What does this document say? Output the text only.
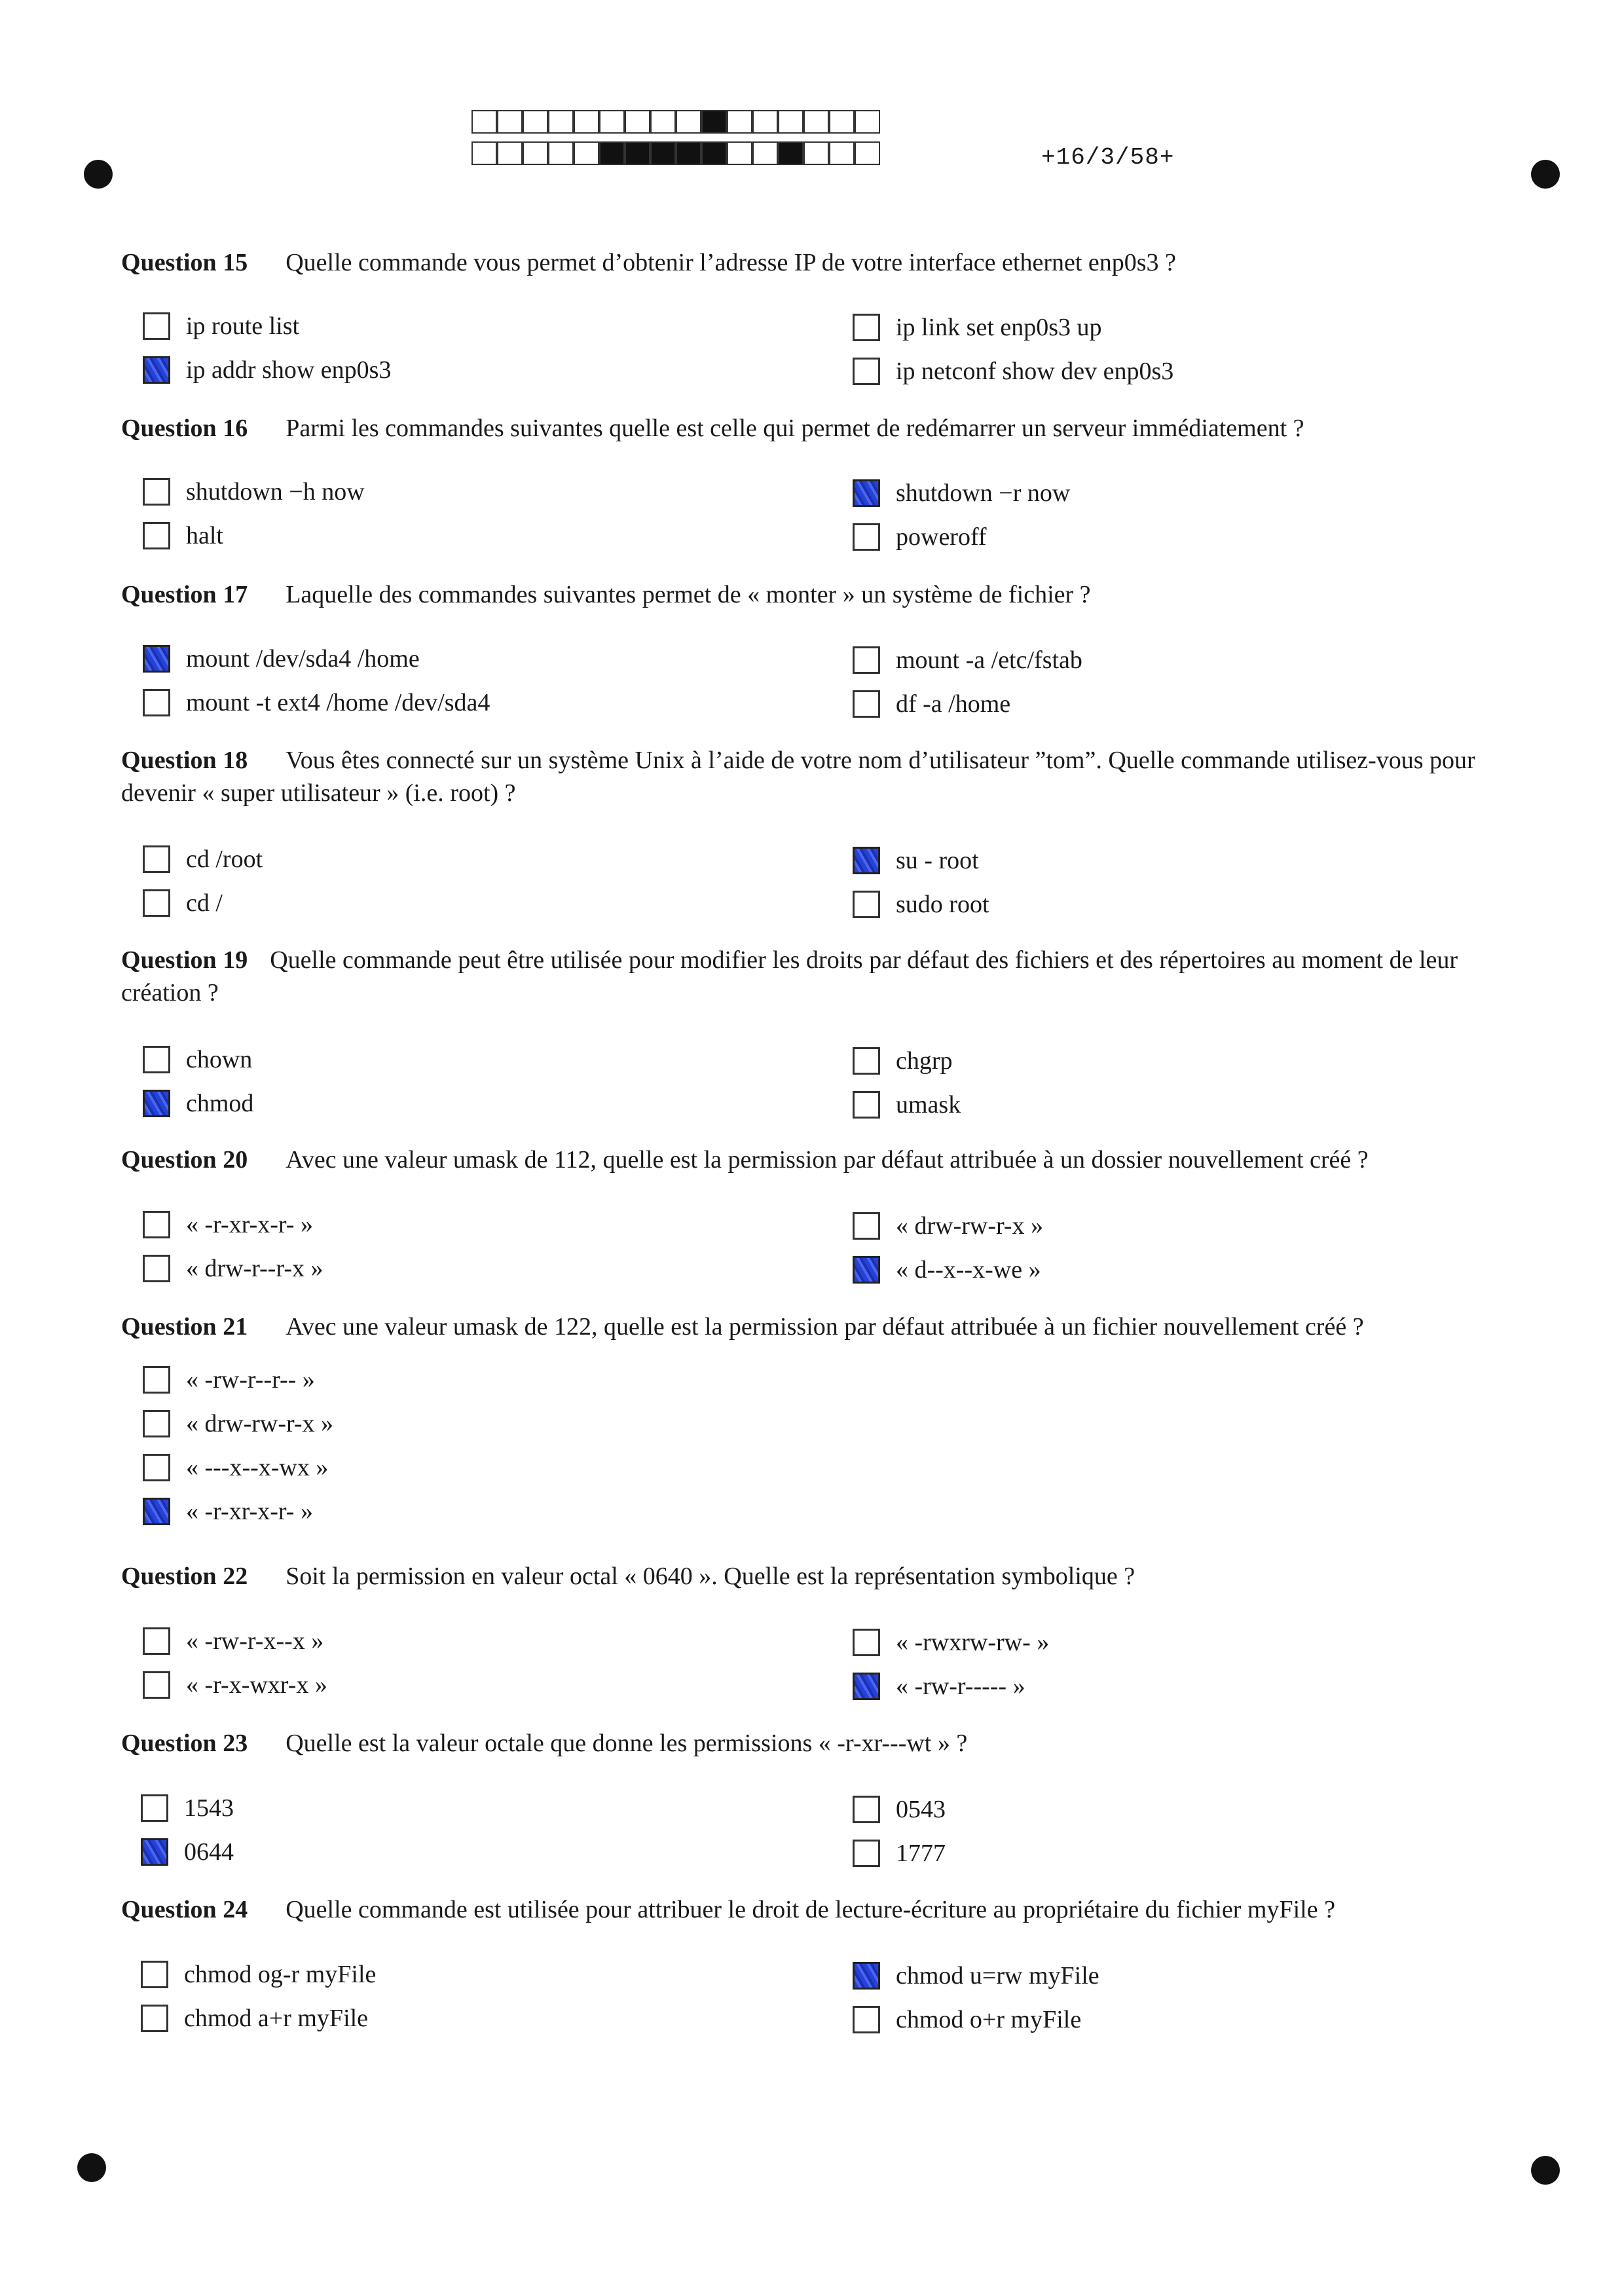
+16/3/58+
Question 15 Quelle commande vous permet d’obtenir l’adresse IP de votre interface ethernet enp0s3 ?
ip route list
ip addr show enp0s3
ip link set enp0s3 up
ip netconf show dev enp0s3
Question 16 Parmi les commandes suivantes quelle est celle qui permet de redémarrer un serveur immédiatement ?
shutdown −h now
halt
shutdown −r now
poweroff
Question 17 Laquelle des commandes suivantes permet de « monter » un système de fichier ?
mount /dev/sda4 /home
mount -t ext4 /home /dev/sda4
mount -a /etc/fstab
df -a /home
Question 18 Vous êtes connecté sur un système Unix à l’aide de votre nom d’utilisateur ”tom”. Quelle commande utilisez-vous pour devenir « super utilisateur » (i.e. root) ?
cd /root
cd /
su - root
sudo root
Question 19 Quelle commande peut être utilisée pour modifier les droits par défaut des fichiers et des répertoires au moment de leur création ?
chown
chmod
chgrp
umask
Question 20 Avec une valeur umask de 112, quelle est la permission par défaut attribuée à un dossier nouvellement créé ?
« -r-xr-x-r- »
« drw-r--r-x »
« drw-rw-r-x »
« d--x--x-we »
Question 21 Avec une valeur umask de 122, quelle est la permission par défaut attribuée à un fichier nouvellement créé ?
« -rw-r--r-- »
« drw-rw-r-x »
« ---x--x-wx »
« -r-xr-x-r- »
Question 22 Soit la permission en valeur octal « 0640 ». Quelle est la représentation symbolique ?
« -rw-r-x--x »
« -r-x-wxr-x »
« -rwxrw-rw- »
« -rw-r----- »
Question 23 Quelle est la valeur octale que donne les permissions « -r-xr---wt » ?
1543
0644
0543
1777
Question 24 Quelle commande est utilisée pour attribuer le droit de lecture-écriture au propriétaire du fichier myFile ?
chmod og-r myFile
chmod a+r myFile
chmod u=rw myFile
chmod o+r myFile
